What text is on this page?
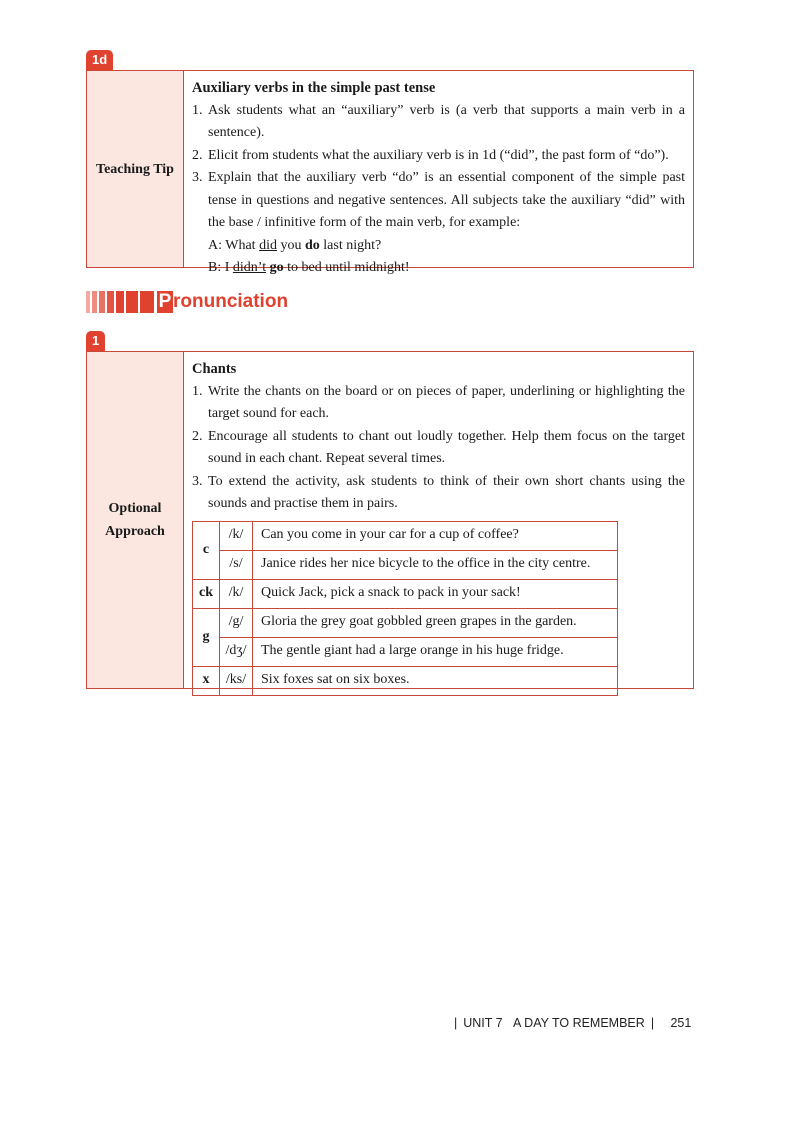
1d
Teaching Tip
Auxiliary verbs in the simple past tense
1. Ask students what an “auxiliary” verb is (a verb that supports a main verb in a sentence).
2. Elicit from students what the auxiliary verb is in 1d (“did”, the past form of “do”).
3. Explain that the auxiliary verb “do” is an essential component of the simple past tense in questions and negative sentences. All subjects take the auxiliary “did” with the base / infinitive form of the main verb, for example:
A: What did you do last night?
B: I didn’t go to bed until midnight!
P ronunciation
1
Optional
Approach
Chants
1. Write the chants on the board or on pieces of paper, underlining or highlighting the target sound for each.
2. Encourage all students to chant out loudly together. Help them focus on the target sound in each chant. Repeat several times.
3. To extend the activity, ask students to think of their own short chants using the sounds and practise them in pairs.
c	/k/	Can you come in your car for a cup of coffee?
	/s/	Janice rides her nice bicycle to the office in the city centre.
ck	/k/	Quick Jack, pick a snack to pack in your sack!
g	/g/	Gloria the grey goat gobbled green grapes in the garden.
	/dʒ/	The gentle giant had a large orange in his huge fridge.
x	/ks/	Six foxes sat on six boxes.
| UNIT 7 A DAY TO REMEMBER | 251
